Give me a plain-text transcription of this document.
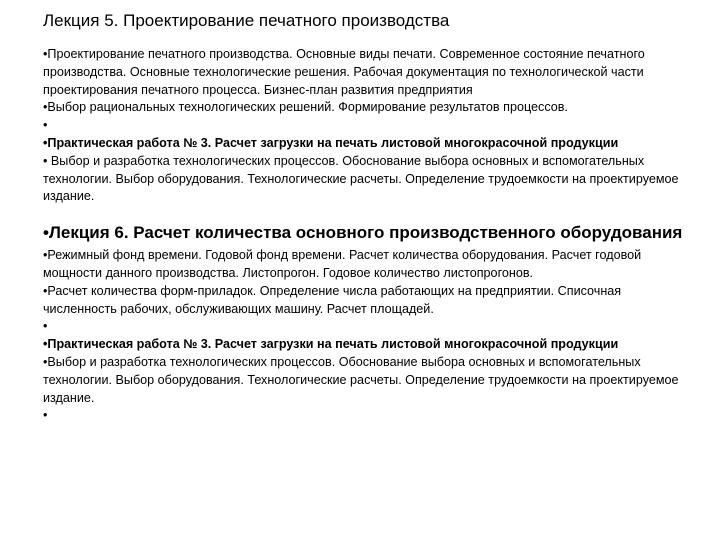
Лекция 5. Проектирование печатного производства

•Проектирование печатного производства. Основные виды печати. Современное состояние печатного производства. Основные технологические решения. Рабочая документация по технологической части проектирования печатного процесса. Бизнес-план развития предприятия

•Выбор рациональных технологических решений. Формирование результатов процессов.

•

•Практическая работа № 3. Расчет загрузки на печать листовой многокрасочной продукции

• Выбор и разработка технологических процессов. Обоснование выбора основных и вспомогательных технологии. Выбор оборудования. Технологические расчеты. Определение трудоемкости на проектируемое издание.

•Лекция 6. Расчет количества основного производственного оборудования

•Режимный фонд времени. Годовой фонд времени. Расчет количества оборудования. Расчет годовой мощности данного производства. Листопрогон. Годовое количество листопрогонов.

•Расчет количества форм-приладок. Определение числа работающих на предприятии. Списочная численность рабочих, обслуживающих машину. Расчет площадей.

•

•Практическая работа № 3. Расчет загрузки на печать листовой многокрасочной продукции

•Выбор и разработка технологических процессов. Обоснование выбора основных и вспомогательных технологии. Выбор оборудования. Технологические расчеты. Определение трудоемкости на проектируемое издание.

•
